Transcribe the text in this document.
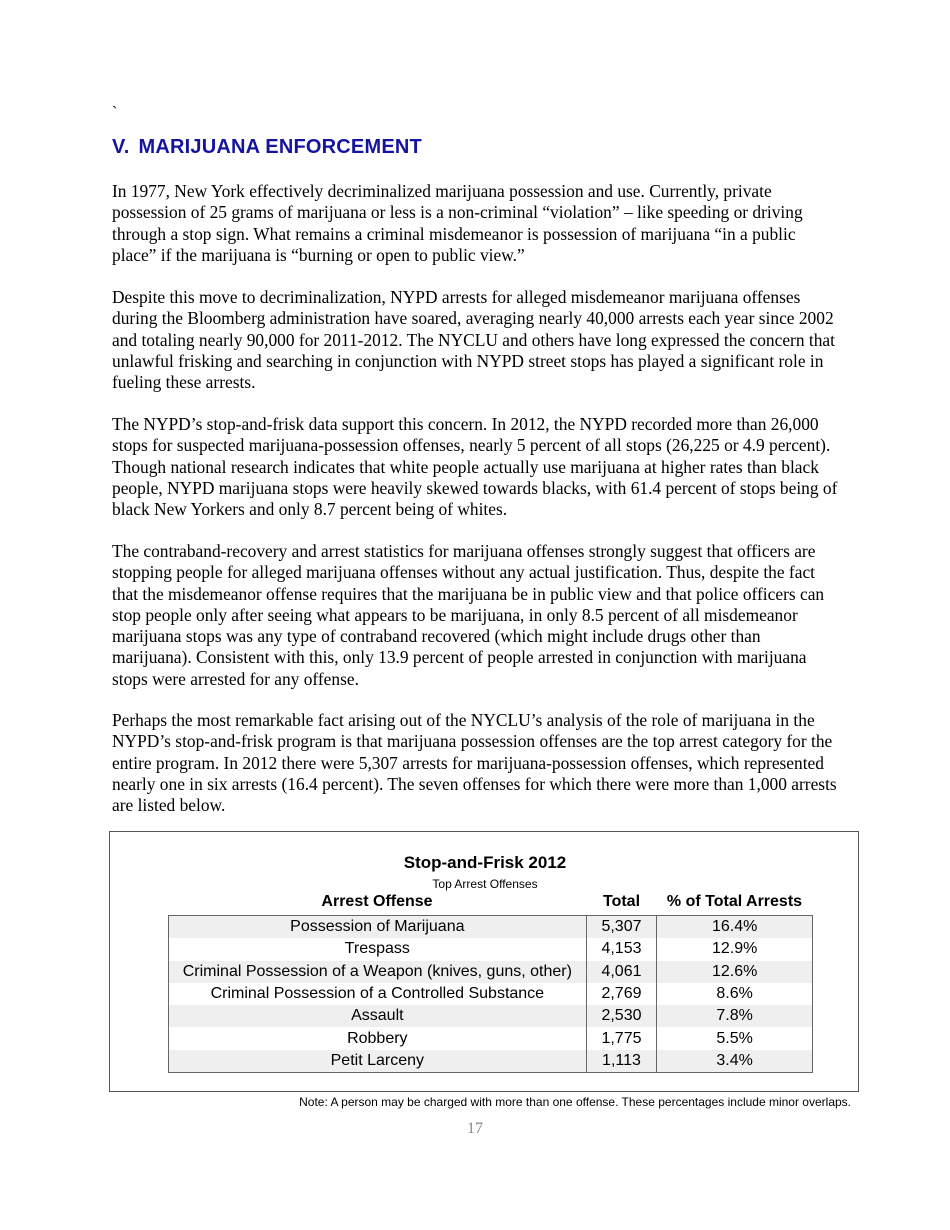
`
V. MARIJUANA ENFORCEMENT

In 1977, New York effectively decriminalized marijuana possession and use. Currently, private possession of 25 grams of marijuana or less is a non-criminal “violation” – like speeding or driving through a stop sign. What remains a criminal misdemeanor is possession of marijuana “in a public place” if the marijuana is “burning or open to public view.”

Despite this move to decriminalization, NYPD arrests for alleged misdemeanor marijuana offenses during the Bloomberg administration have soared, averaging nearly 40,000 arrests each year since 2002 and totaling nearly 90,000 for 2011-2012. The NYCLU and others have long expressed the concern that unlawful frisking and searching in conjunction with NYPD street stops has played a significant role in fueling these arrests.

The NYPD’s stop-and-frisk data support this concern. In 2012, the NYPD recorded more than 26,000 stops for suspected marijuana-possession offenses, nearly 5 percent of all stops (26,225 or 4.9 percent). Though national research indicates that white people actually use marijuana at higher rates than black people, NYPD marijuana stops were heavily skewed towards blacks, with 61.4 percent of stops being of black New Yorkers and only 8.7 percent being of whites.

The contraband-recovery and arrest statistics for marijuana offenses strongly suggest that officers are stopping people for alleged marijuana offenses without any actual justification. Thus, despite the fact that the misdemeanor offense requires that the marijuana be in public view and that police officers can stop people only after seeing what appears to be marijuana, in only 8.5 percent of all misdemeanor marijuana stops was any type of contraband recovered (which might include drugs other than marijuana). Consistent with this, only 13.9 percent of people arrested in conjunction with marijuana stops were arrested for any offense.

Perhaps the most remarkable fact arising out of the NYCLU’s analysis of the role of marijuana in the NYPD’s stop-and-frisk program is that marijuana possession offenses are the top arrest category for the entire program. In 2012 there were 5,307 arrests for marijuana-possession offenses, which represented nearly one in six arrests (16.4 percent). The seven offenses for which there were more than 1,000 arrests are listed below.

Stop-and-Frisk 2012
Top Arrest Offenses
Arrest Offense	Total	% of Total Arrests
Possession of Marijuana	5,307	16.4%
Trespass	4,153	12.9%
Criminal Possession of a Weapon (knives, guns, other)	4,061	12.6%
Criminal Possession of a Controlled Substance	2,769	8.6%
Assault	2,530	7.8%
Robbery	1,775	5.5%
Petit Larceny	1,113	3.4%
Note: A person may be charged with more than one offense. These percentages include minor overlaps.
17
